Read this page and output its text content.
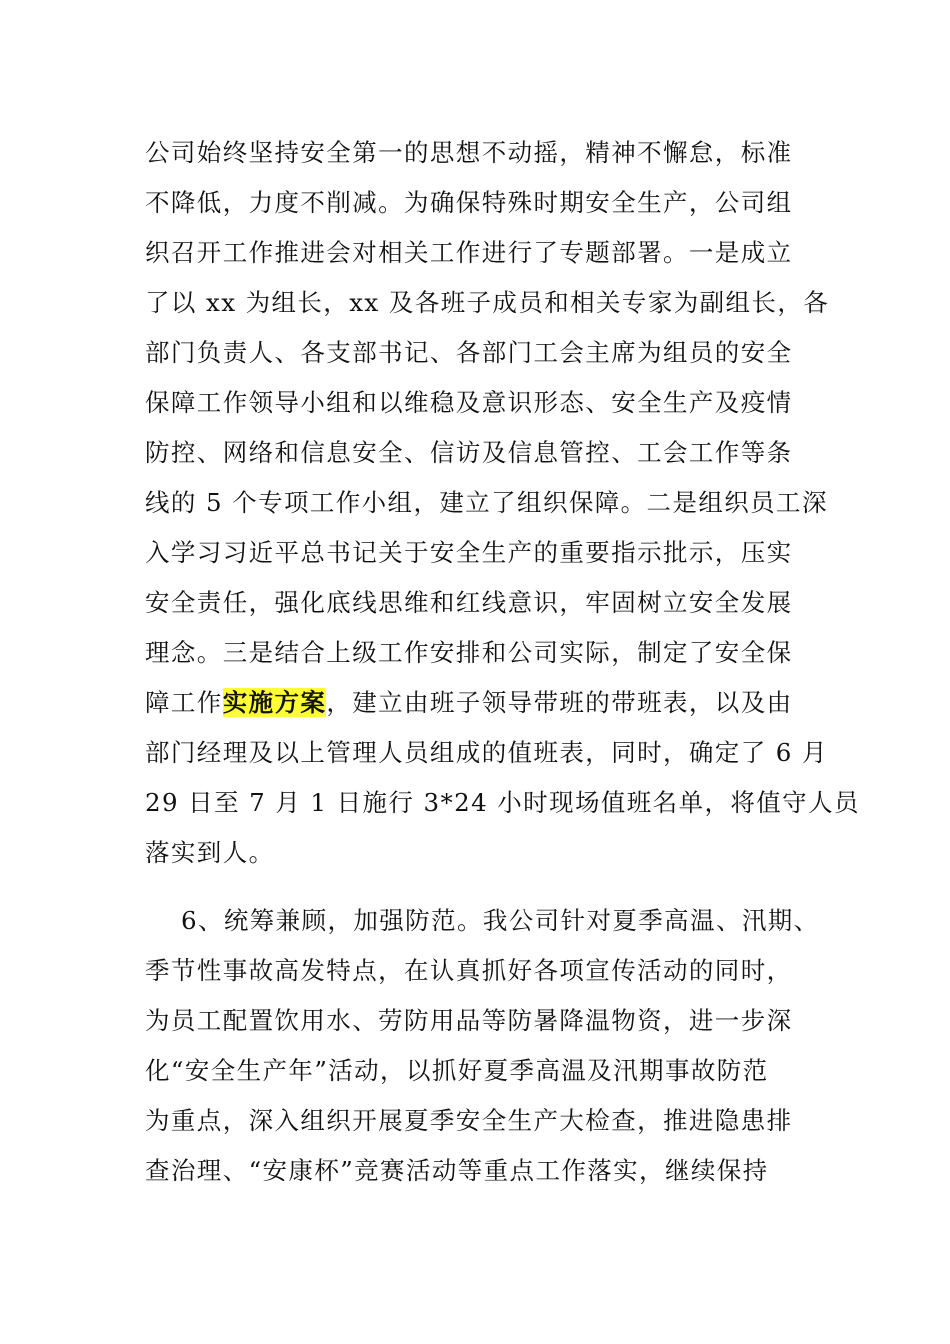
公司始终坚持安全第一的思想不动摇，精神不懈怠，标准
不降低，力度不削减。为确保特殊时期安全生产，公司组
织召开工作推进会对相关工作进行了专题部署。一是成立
了以 xx 为组长，xx 及各班子成员和相关专家为副组长，各
部门负责人、各支部书记、各部门工会主席为组员的安全
保障工作领导小组和以维稳及意识形态、安全生产及疫情
防控、网络和信息安全、信访及信息管控、工会工作等条
线的 5 个专项工作小组，建立了组织保障。二是组织员工深
入学习习近平总书记关于安全生产的重要指示批示，压实
安全责任，强化底线思维和红线意识，牢固树立安全发展
理念。三是结合上级工作安排和公司实际，制定了安全保
障工作实施方案，建立由班子领导带班的带班表，以及由
部门经理及以上管理人员组成的值班表，同时，确定了 6 月
29 日至 7 月 1 日施行 3*24 小时现场值班名单，将值守人员
落实到人。
6、统筹兼顾，加强防范。我公司针对夏季高温、汛期、
季节性事故高发特点，在认真抓好各项宣传活动的同时，
为员工配置饮用水、劳防用品等防暑降温物资，进一步深
化“安全生产年”活动，以抓好夏季高温及汛期事故防范
为重点，深入组织开展夏季安全生产大检查，推进隐患排
查治理、“安康杯”竞赛活动等重点工作落实，继续保持
